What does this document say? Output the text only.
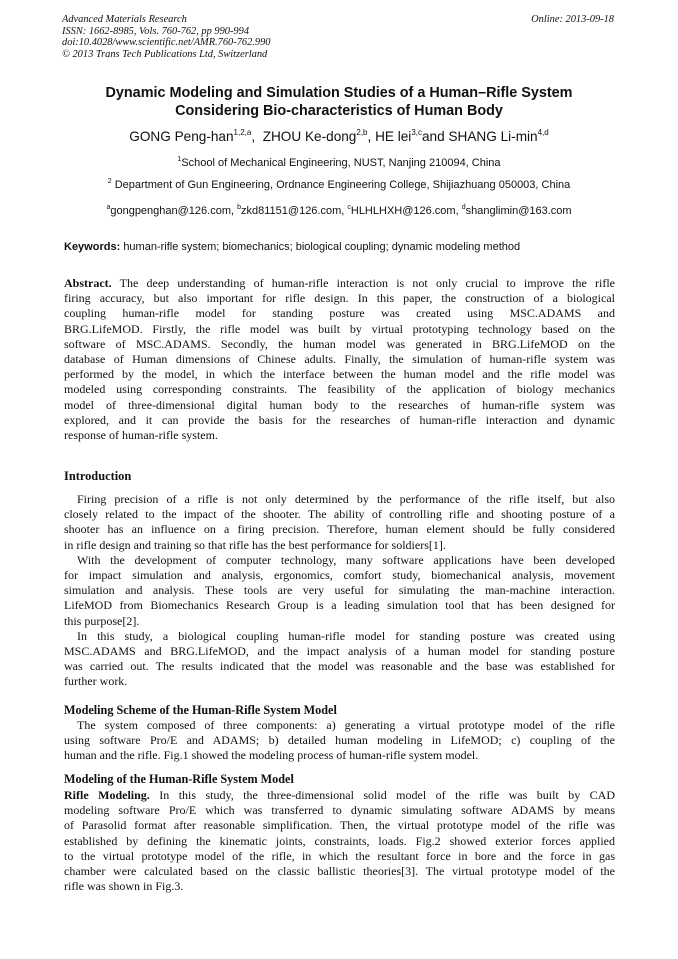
Advanced Materials Research
ISSN: 1662-8985, Vols. 760-762, pp 990-994
doi:10.4028/www.scientific.net/AMR.760-762.990
© 2013 Trans Tech Publications Ltd, Switzerland
Online: 2013-09-18
Dynamic Modeling and Simulation Studies of a Human–Rifle System
Considering Bio-characteristics of Human Body
GONG Peng-han$^{1,2,a}$,  ZHOU Ke-dong$^{2,b}$, HE lei$^{3,c}$and SHANG $Li-\min^{4,d}$
$^1$School of Mechanical Engineering, NUST, Nanjing 210094, China
$^2$ Department of Gun Engineering, Ordnance Engineering College, Shijiazhuang 050003, China
$^a$gongpenghan@126.com, $^b$zkd81151@126.com, $^c$HLHLHXH@126.com, $^d$shanglimin@163.com
Keywords: human-rifle system; biomechanics; biological coupling; dynamic modeling method
Abstract. The deep understanding of human-rifle interaction is not only crucial to improve the rifle
firing accuracy, but also important for rifle design. In this paper, the construction of a biological
coupling human-rifle model for standing posture was created using MSC.ADAMS and
BRG.LifeMOD. Firstly, the rifle model was built by virtual prototyping technology based on the
software of MSC.ADAMS. Secondly, the human model was generated in BRG.LifeMOD on the
database of Human dimensions of Chinese adults. Finally, the simulation of human-rifle system was
performed by the model, in which the interface between the human model and the rifle model was
modeled using corresponding constraints. The feasibility of the application of biology mechanics
model of three-dimensional digital human body to the researches of human-rifle system was
explored, and it can provide the basis for the researches of human-rifle interaction and dynamic
response of human-rifle system.
Introduction
Firing precision of a rifle is not only determined by the performance of the rifle itself, but also
closely related to the impact of the shooter. The ability of controlling rifle and shooting posture of a
shooter has an influence on a firing precision. Therefore, human element should be fully considered
in rifle design and training so that rifle has the best performance for soldiers[1].
With the development of computer technology, many software applications have been developed
for impact simulation and analysis, ergonomics, comfort study, biomechanical analysis, movement
simulation and analysis. These tools are very useful for simulating the man-machine interaction.
LifeMOD from Biomechanics Research Group is a leading simulation tool that has been designed for
this purpose[2].
In this study, a biological coupling human-rifle model for standing posture was created using
MSC.ADAMS and BRG.LifeMOD, and the impact analysis of a human model for standing posture
was carried out. The results indicated that the model was reasonable and the base was established for
further work.
Modeling Scheme of the Human-Rifle System Model
The system composed of three components: a) generating a virtual prototype model of the rifle
using software Pro/E and ADAMS; b) detailed human modeling in LifeMOD; c) coupling of the
human and the rifle. Fig.1 showed the modeling process of human-rifle system model.
Modeling of the Human-Rifle System Model
Rifle Modeling. In this study, the three-dimensional solid model of the rifle was built by CAD
modeling software Pro/E which was transferred to dynamic simulating software ADAMS by means
of Parasolid format after reasonable simplification. Then, the virtual prototype model of the rifle was
established by defining the kinematic joints, constraints, loads. Fig.2 showed exterior forces applied
to the virtual prototype model of the rifle, in which the resultant force in bore and the force in gas
chamber were calculated based on the classic ballistic theories[3]. The virtual prototype model of the
rifle was shown in Fig.3.
